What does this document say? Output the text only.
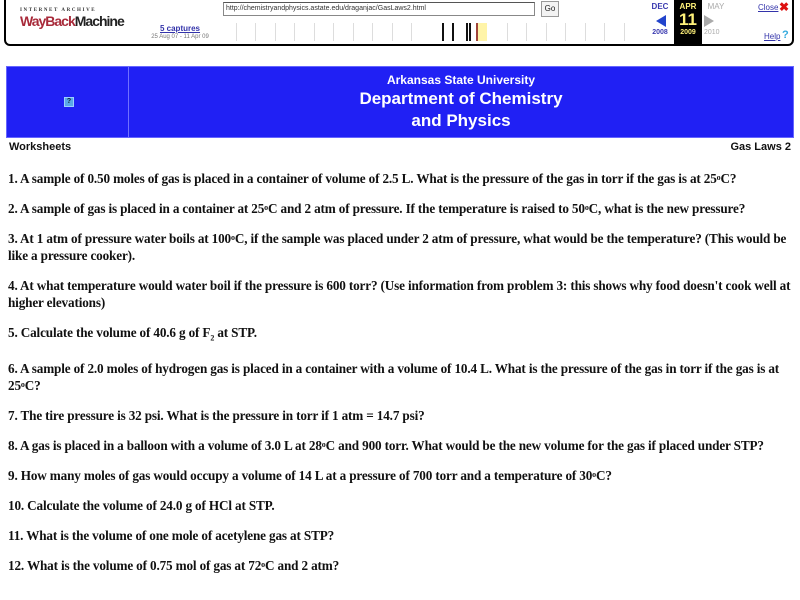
INTERNET ARCHIVE
WayBackMachine	5 captures
25 Aug 07 - 11 Apr 09
http://chemistryandphysics.astate.edu/draganjac/GasLaws2.html	Go	DEC
2008
APR
11
2009
MAY
2010
Close ✖
Help ?
?
Arkansas State University
Department of Chemistry
and Physics
Worksheets	Gas Laws 2

1. A sample of 0.50 moles of gas is placed in a container of volume of 2.5 L. What is the pressure of the gas in torr if the gas is at 25$^o$C?

2. A sample of gas is placed in a container at 25$^o$C and 2 atm of pressure. If the temperature is raised to 50$^o$C, what is the new pressure?

3. At 1 atm of pressure water boils at 100$^o$C, if the sample was placed under 2 atm of pressure, what would be the temperature? (This would be like a pressure cooker).

4. At what temperature would water boil if the pressure is 600 torr? (Use information from problem 3: this shows why food doesn't cook well at higher elevations)

5. Calculate the volume of 40.6 g of $F_2$ at STP.

6. A sample of 2.0 moles of hydrogen gas is placed in a container with a volume of 10.4 L. What is the pressure of the gas in torr if the gas is at 25$^o$C?

7. The tire pressure is 32 psi. What is the pressure in torr if 1 atm = 14.7 psi?

8. A gas is placed in a balloon with a volume of 3.0 L at 28$^o$C and 900 torr. What would be the new volume for the gas if placed under STP?

9. How many moles of gas would occupy a volume of 14 L at a pressure of 700 torr and a temperature of 30$^o$C?

10. Calculate the volume of 24.0 g of HCl at STP.

11. What is the volume of one mole of acetylene gas at STP?

12. What is the volume of 0.75 mol of gas at 72$^o$C and 2 atm?
